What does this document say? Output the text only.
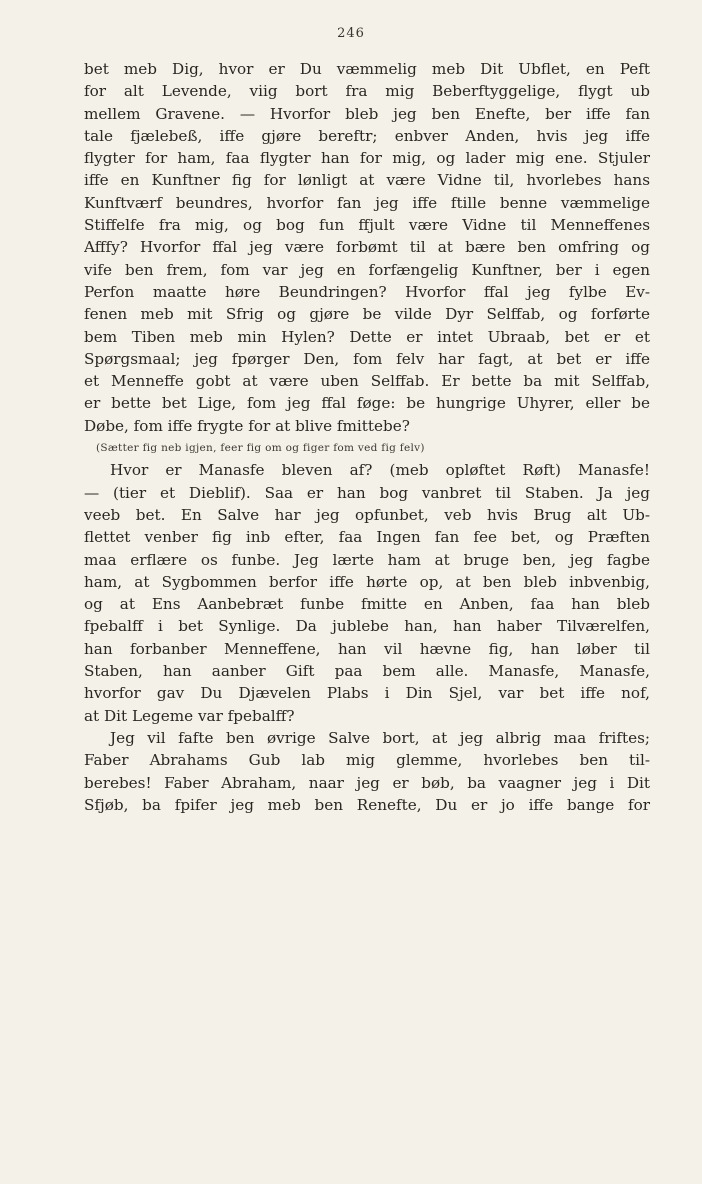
246
bet meb Dig, hvor er Du væmmelig meb Dit Ubflet, en Peft
for alt Levende, viig bort fra mig Beberftyggelige, flygt ub
mellem Gravene. — Hvorfor bleb jeg ben Enefte, ber iffe fan
tale fjælebeß, iffe gjøre bereftr; enbver Anden, hvis jeg iffe
flygter for ham, faa flygter han for mig, og lader mig ene. Stjuler
iffe en Kunftner fig for lønligt at være Vidne til, hvorlebes hans
Kunftværf beundres, hvorfor fan jeg iffe ftille benne væmmelige
Stiffelfe fra mig, og bog fun ffjult være Vidne til Menneffenes
Afffy? Hvorfor ffal jeg være forbømt til at bære ben omfring og
vife ben frem, fom var jeg en forfængelig Kunftner, ber i egen
Perfon maatte høre Beundringen? Hvorfor ffal jeg fylbe Ev-
fenen meb mit Sfrig og gjøre be vilde Dyr Selffab, og forførte
bem Tiben meb min Hylen? Dette er intet Ubraab, bet er et
Spørgsmaal; jeg fpørger Den, fom felv har fagt, at bet er iffe
et Menneffe gobt at være uben Selffab. Er bette ba mit Selffab,
er bette bet Lige, fom jeg ffal føge: be hungrige Uhyrer, eller be
Døbe, fom iffe frygte for at blive fmittebe?
(Sætter fig neb igjen, feer fig om og figer fom ved fig felv)
Hvor er Manasfe bleven af? (meb opløftet Røft) Manasfe!
— (tier et Dieblif). Saa er han bog vanbret til Staben. Ja jeg
veeb bet. En Salve har jeg opfunbet, veb hvis Brug alt Ub-
flettet venber fig inb efter, faa Ingen fan fee bet, og Præften
maa erflære os funbe. Jeg lærte ham at bruge ben, jeg fagbe
ham, at Sygbommen berfor iffe hørte op, at ben bleb inbvenbig,
og at Ens Aanbebræt funbe fmitte en Anben, faa han bleb
fpebalff i bet Synlige. Da jublebe han, han haber Tilværelfen,
han forbanber Menneffene, han vil hævne fig, han løber til
Staben, han aanber Gift paa bem alle. Manasfe, Manasfe,
hvorfor gav Du Djævelen Plabs i Din Sjel, var bet iffe nof,
at Dit Legeme var fpebalff?
Jeg vil fafte ben øvrige Salve bort, at jeg albrig maa friftes;
Faber Abrahams Gub lab mig glemme, hvorlebes ben til-
berebes! Faber Abraham, naar jeg er bøb, ba vaagner jeg i Dit
Sfjøb, ba fpifer jeg meb ben Renefte, Du er jo iffe bange for
